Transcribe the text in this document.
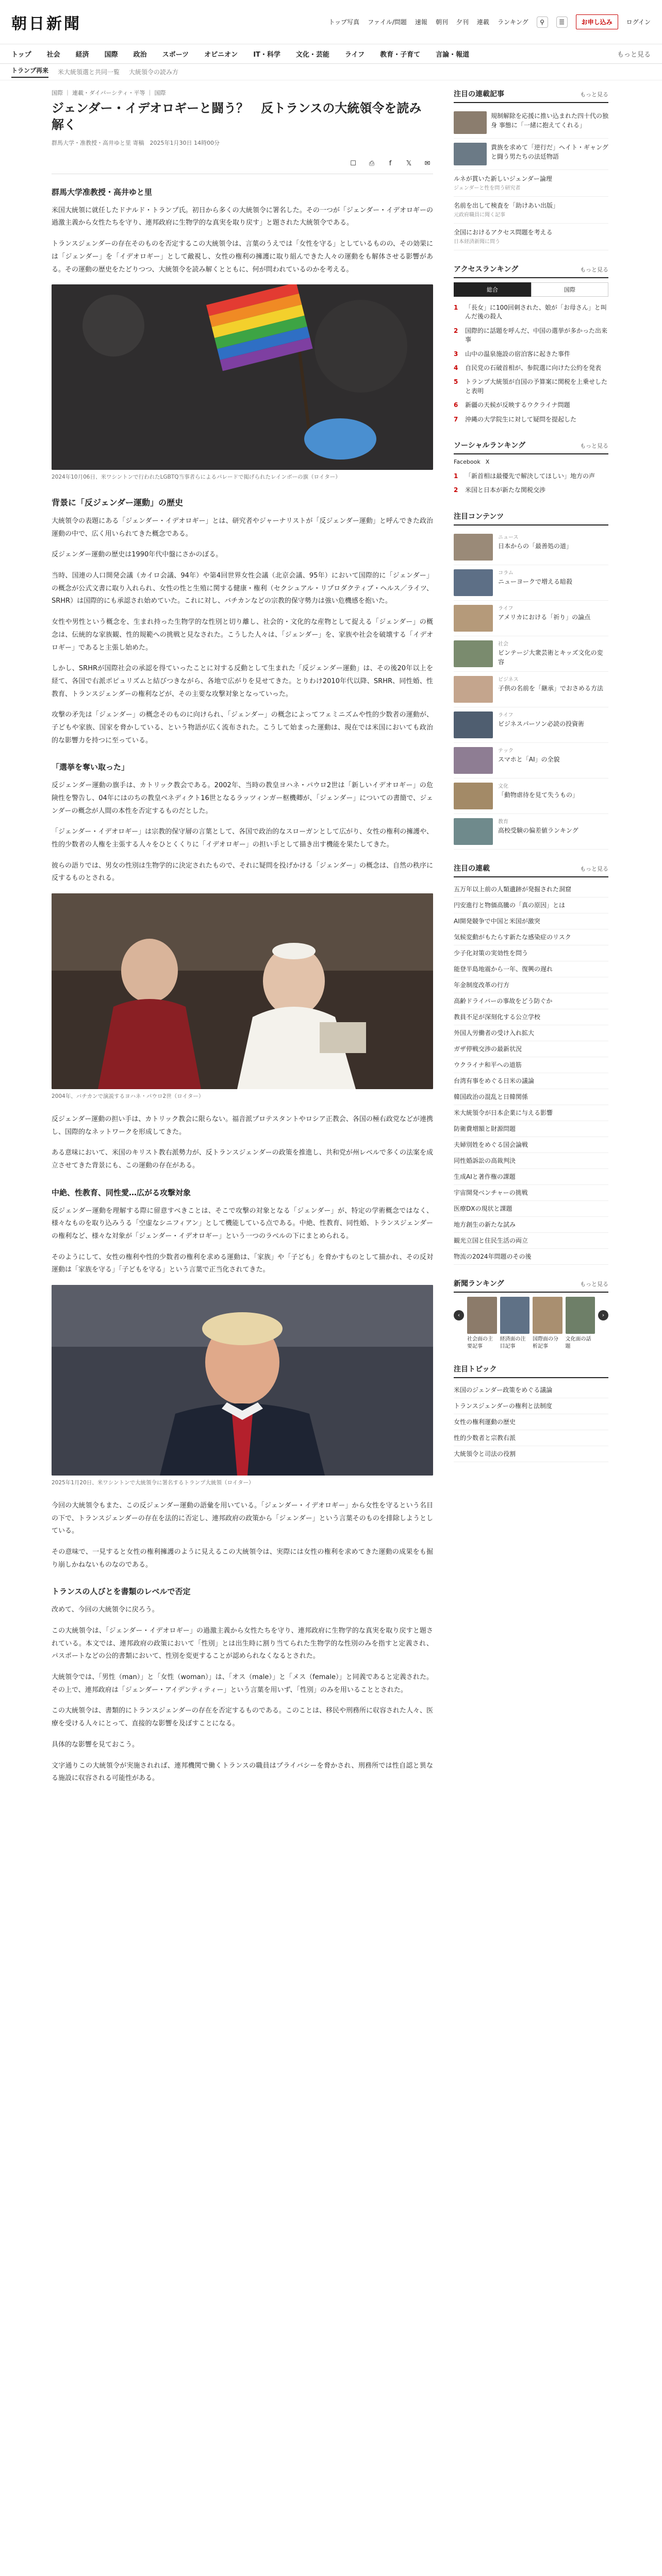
朝日新聞	トップ写真 ファイル/問題 速報 朝刊 夕刊 連載 ランキング	⚲	☰	お申し込み	ログイン
トップ 社会 経済 国際 政治 スポーツ オピニオン IT・科学 文化・芸能 ライフ 教育・子育て 言論・報道	もっと見る
トランプ再来 米大統領選と共同一覧 大統領令の読み方
国際 ｜ 連載・ダイバーシティ・平等 ｜ 国際
ジェンダー・イデオロギーと闘う？　反トランスの大統領令を読み解く
群馬大学・准教授・高井ゆと里 寄稿　2025年1月30日 14時00分
☐	⎙	f	𝕏	✉
群馬大学准教授・高井ゆと里

米国大統領に就任したドナルド・トランプ氏。初日から多くの大統領令に署名した。その一つが「ジェンダー・イデオロギーの過激主義から女性たちを守り、連邦政府に生物学的な真実を取り戻す」と題された大統領令である。

トランスジェンダーの存在そのものを否定するこの大統領令は、言葉のうえでは「女性を守る」としているものの、その効果には「ジェンダー」を「イデオロギー」として敵視し、女性の権利の擁護に取り組んできた人々の運動をも解体させる影響がある。その運動の歴史をたどりつつ、大統領令を読み解くとともに、何が問われているのかを考える。

2024年10月06日、米ワシントンで行われたLGBTQ当事者らによるパレードで掲げられたレインボーの旗（ロイター）
背景に「反ジェンダー運動」の歴史

大統領令の表題にある「ジェンダー・イデオロギー」とは、研究者やジャーナリストが「反ジェンダー運動」と呼んできた政治運動の中で、広く用いられてきた概念である。

反ジェンダー運動の歴史は1990年代中盤にさかのぼる。

当時、国連の人口開発会議（カイロ会議、94年）や第4回世界女性会議（北京会議、95年）において国際的に「ジェンダー」の概念が公式文書に取り入れられ、女性の性と生殖に関する健康・権利（セクシュアル・リプロダクティブ・ヘルス／ライツ、SRHR）は国際的にも承認され始めていた。これに対し、バチカンなどの宗教的保守勢力は強い危機感を抱いた。

女性や男性という概念を、生まれ持った生物学的な性別と切り離し、社会的・文化的な産物として捉える「ジェンダー」の概念は、伝統的な家族観、性的規範への挑戦と見なされた。こうした人々は、「ジェンダー」を、家族や社会を破壊する「イデオロギー」であると主張し始めた。

しかし、SRHRが国際社会の承認を得ていったことに対する反動として生まれた「反ジェンダー運動」は、その後20年以上を経て、各国で右派ポピュリズムと結びつきながら、各地で広がりを見せてきた。とりわけ2010年代以降、SRHR、同性婚、性教育、トランスジェンダーの権利などが、その主要な攻撃対象となっていった。

攻撃の矛先は「ジェンダー」の概念そのものに向けられ、「ジェンダー」の概念によってフェミニズムや性的少数者の運動が、子どもや家族、国家を脅かしている、という物語が広く流布された。こうして始まった運動は、現在では米国においても政治的な影響力を持つに至っている。

「選挙を奪い取った」

反ジェンダー運動の旗手は、カトリック教会である。2002年、当時の教皇ヨハネ・パウロ2世は「新しいイデオロギー」の危険性を警告し、04年にはのちの教皇ベネディクト16世となるラッツィンガー枢機卿が、「ジェンダー」についての書簡で、ジェンダーの概念が人間の本性を否定するものだとした。

「ジェンダー・イデオロギー」は宗教的保守層の言葉として、各国で政治的なスローガンとして広がり、女性の権利の擁護や、性的少数者の人権を主張する人々をひとくくりに「イデオロギー」の担い手として描き出す機能を果たしてきた。

彼らの語りでは、男女の性別は生物学的に決定されたもので、それに疑問を投げかける「ジェンダー」の概念は、自然の秩序に反するものとされる。

2004年、バチカンで演説するヨハネ・パウロ2世（ロイター）

反ジェンダー運動の担い手は、カトリック教会に限らない。福音派プロテスタントやロシア正教会、各国の極右政党などが連携し、国際的なネットワークを形成してきた。

ある意味において、米国のキリスト教右派勢力が、反トランスジェンダーの政策を推進し、共和党が州レベルで多くの法案を成立させてきた背景にも、この運動の存在がある。

中絶、性教育、同性愛…広がる攻撃対象

反ジェンダー運動を理解する際に留意すべきことは、そこで攻撃の対象となる「ジェンダー」が、特定の学術概念ではなく、様々なものを取り込みうる「空虚なシニフィアン」として機能している点である。中絶、性教育、同性婚、トランスジェンダーの権利など、様々な対象が「ジェンダー・イデオロギー」という一つのラベルの下にまとめられる。

そのようにして、女性の権利や性的少数者の権利を求める運動は、「家族」や「子ども」を脅かすものとして描かれ、その反対運動は「家族を守る」「子どもを守る」という言葉で正当化されてきた。

2025年1月20日、米ワシントンで大統領令に署名するトランプ大統領（ロイター）

今回の大統領令もまた、この反ジェンダー運動の語彙を用いている。「ジェンダー・イデオロギー」から女性を守るという名目の下で、トランスジェンダーの存在を法的に否定し、連邦政府の政策から「ジェンダー」という言葉そのものを排除しようとしている。

その意味で、一見すると女性の権利擁護のように見えるこの大統領令は、実際には女性の権利を求めてきた運動の成果をも掘り崩しかねないものなのである。

トランスの人びとを書類のレベルで否定

改めて、今回の大統領令に戻ろう。

この大統領令は、「ジェンダー・イデオロギー」の過激主義から女性たちを守り、連邦政府に生物学的な真実を取り戻すと題されている。本文では、連邦政府の政策において「性別」とは出生時に割り当てられた生物学的な性別のみを指すと定義され、パスポートなどの公的書類において、性別を変更することが認められなくなるとされた。

大統領令では、「男性（man）」と「女性（woman）」は、「オス（male）」と「メス（female）」と同義であると定義された。その上で、連邦政府は「ジェンダー・アイデンティティー」という言葉を用いず、「性別」のみを用いることとされた。

この大統領令は、書類的にトランスジェンダーの存在を否定するものである。このことは、移民や刑務所に収容された人々、医療を受ける人々にとって、直接的な影響を及ぼすことになる。

具体的な影響を見ておこう。

文字通りこの大統領令が実施されれば、連邦機関で働くトランスの職員はプライバシーを脅かされ、刑務所では性自認と異なる施設に収容される可能性がある。

注目の連載記事	もっと見る
規制解除を応援に推い込まれた四十代の独身 事態に「一緒に抱えてくれる」
貴族を求めて「逆行だ」ヘイト・ギャングと闘う男たちの法廷物語
ルネが貫いた新しいジェンダー論理
ジェンダーと性を問う研究者
名前を出して検査を「助けあい出版」
元政府職員に聞く記事
全国におけるアクセス問題を考える
日本経済新聞に問う
アクセスランキング	もっと見る
総合	国際
1	「長女」に100回刺された、娘が「お母さん」と叫んだ後の殺人
2	国際的に話題を呼んだ、中国の選挙が多かった出来事
3	山中の温泉施設の宿泊客に起きた事件
4	自民党の石破首相が、参院選に向けた公約を発表
5	トランプ大統領が自国の予算案に関税を上乗せしたと表明
6	新疆の天候が反映するウクライナ問題
7	沖縄の大学院生に対して疑問を提起した
ソーシャルランキング	もっと見る
Facebook X
1	「新首相は最優先で解決してほしい」地方の声
2	米国と日本が新たな関税交渉
注目コンテンツ
ニュース
日本からの「最善処の道」
コラム
ニューヨークで増える暗殺
ライフ
アメリカにおける「祈り」の論点
社会
ビンテージ大衆芸術とキッズ文化の変容
ビジネス
子供の名前を「継承」でおさめる方法
ライフ
ビジネスパーソン必読の投資術
テック
スマホと「AI」の全貌
文化
「動物虐待を見て失うもの」
教育
高校受験の偏差値ランキング
注目の連載	もっと見る
五万年以上前の人類遺跡が発掘された洞窟
円安進行と物価高騰の「真の原因」とは
AI開発競争で中国と米国が激突
気候変動がもたらす新たな感染症のリスク
少子化対策の実効性を問う
能登半島地震から一年、復興の遅れ
年金制度改革の行方
高齢ドライバーの事故をどう防ぐか
教員不足が深刻化する公立学校
外国人労働者の受け入れ拡大
ガザ停戦交渉の最新状況
ウクライナ和平への道筋
台湾有事をめぐる日米の議論
韓国政治の混乱と日韓関係
米大統領令が日本企業に与える影響
防衛費増額と財源問題
夫婦別姓をめぐる国会論戦
同性婚訴訟の高裁判決
生成AIと著作権の課題
宇宙開発ベンチャーの挑戦
医療DXの現状と課題
地方創生の新たな試み
観光立国と住民生活の両立
物流の2024年問題のその後
新聞ランキング	もっと見る
‹	›
社会面の主要記事
経済面の注目記事
国際面の分析記事
文化面の話題
注目トピック
米国のジェンダー政策をめぐる議論
トランスジェンダーの権利と法制度
女性の権利運動の歴史
性的少数者と宗教右派
大統領令と司法の役割
